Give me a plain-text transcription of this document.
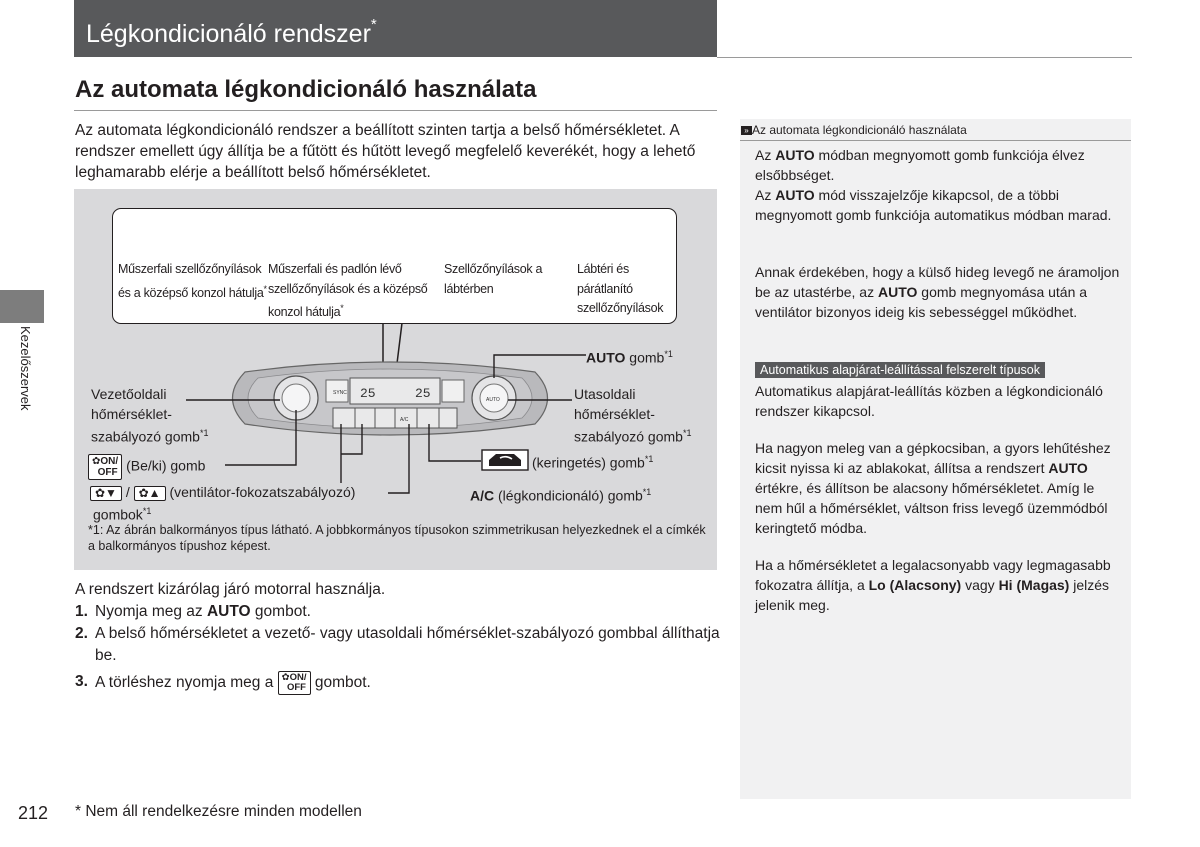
Légkondicionáló rendszer*
Az automata légkondicionáló használata
Az automata légkondicionáló rendszer a beállított szinten tartja a belső hőmérsékletet. A rendszer emellett úgy állítja be a fűtött és hűtött levegő megfelelő keverékét, hogy a lehető leghamarabb elérje a beállított belső hőmérsékletet.
Kezelőszervek	SYNC 25	25	AUTO
A/C
Műszerfali szellőzőnyílások és a középső konzol hátulja*
Műszerfali és padlón lévő szellőzőnyílások és a középső konzol hátulja*
Szellőzőnyílások a lábtérben
Lábtéri és párátlanító szellőzőnyílások
AUTO gomb$^{*1}$
Vezetőoldali
hőmérséklet-
szabályozó gomb$^{*1}$
Utasoldali
hőmérséklet-
szabályozó gomb$^{*1}$
✿ON/
OFF (Be/ki) gomb	(keringetés) gomb$^{*1}$
✿▼ / ✿▲ (ventilátor-fokozatszabályozó)
gombok$^{*1}$
A/C (légkondicionáló) gomb$^{*1}$
*1: Az ábrán balkormányos típus látható. A jobbkormányos típusokon szimmetrikusan helyezkednek el a címkék a balkormányos típushoz képest.
A rendszert kizárólag járó motorral használja.
1. Nyomja meg az AUTO gombot.
2. A belső hőmérsékletet a vezető- vagy utasoldali hőmérséklet-szabályozó gombbal állíthatja be.
3. A törléshez nyomja meg a ✿ON/
OFF gombot.
» Az automata légkondicionáló használata
Az AUTO módban megnyomott gomb funkciója élvez elsőbbséget.
Az AUTO mód visszajelzője kikapcsol, de a többi megnyomott gomb funkciója automatikus módban marad.
Annak érdekében, hogy a külső hideg levegő ne áramoljon be az utastérbe, az AUTO gomb megnyomása után a ventilátor bizonyos ideig kis sebességgel működhet.
Automatikus alapjárat-leállítással felszerelt típusok
Automatikus alapjárat-leállítás közben a légkondicionáló rendszer kikapcsol.
Ha nagyon meleg van a gépkocsiban, a gyors lehűtéshez kicsit nyissa ki az ablakokat, állítsa a rendszert AUTO értékre, és állítson be alacsony hőmérsékletet. Amíg le nem hűl a hőmérséklet, váltson friss levegő üzemmódból keringtető módba.
Ha a hőmérsékletet a legalacsonyabb vagy legmagasabb fokozatra állítja, a Lo (Alacsony) vagy Hi (Magas) jelzés jelenik meg.
212 * Nem áll rendelkezésre minden modellen
